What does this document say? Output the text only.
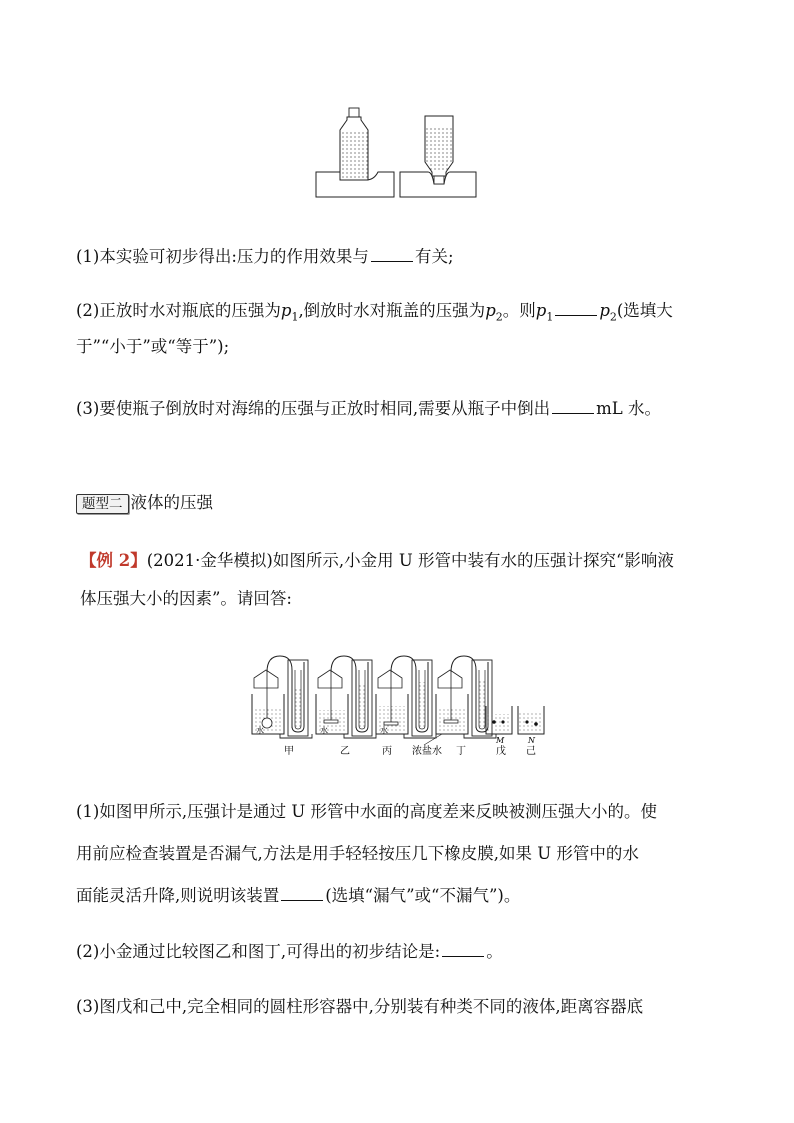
(1)本实验可初步得出:压力的作用效果与	有关;
(2)正放时水对瓶底的压强为$p_1$,倒放时水对瓶盖的压强为$p_2$。则$p_1$	$p_2$(选填大
于”“小于”或“等于”);
(3)要使瓶子倒放时对海绵的压强与正放时相同,需要从瓶子中倒出	mL 水。
题型二 液体的压强
【例 2】(2021·金华模拟)如图所示,小金用 U 形管中装有水的压强计探究“影响液
体压强大小的因素”。请回答:
水	水	水
甲	乙	丙 浓盐水 丁	戊 己
M	N
(1)如图甲所示,压强计是通过 U 形管中水面的高度差来反映被测压强大小的。使
用前应检查装置是否漏气,方法是用手轻轻按压几下橡皮膜,如果 U 形管中的水
面能灵活升降,则说明该装置	(选填“漏气”或“不漏气”)。
(2)小金通过比较图乙和图丁,可得出的初步结论是:	。
(3)图戊和己中,完全相同的圆柱形容器中,分别装有种类不同的液体,距离容器底
